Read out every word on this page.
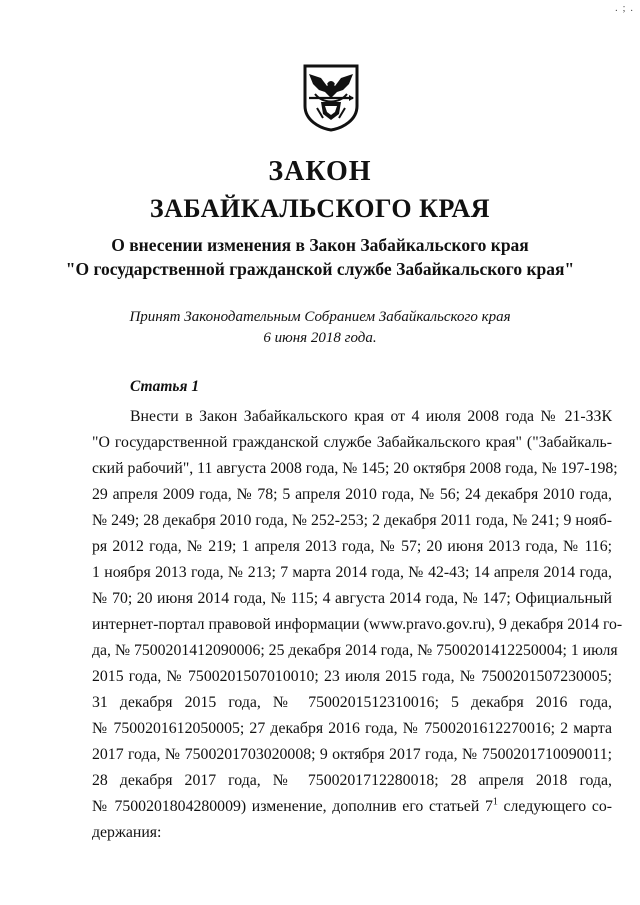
. ; .
ЗАКОН
ЗАБАЙКАЛЬСКОГО КРАЯ
О внесении изменения в Закон Забайкальского края
"О государственной гражданской службе Забайкальского края"
Принят Законодательным Собранием Забайкальского края
6 июня 2018 года.
Статья 1
Внести в Закон Забайкальского края от 4 июля 2008 года № 21-ЗЗК
"О государственной гражданской службе Забайкальского края" ("Забайкаль-
ский рабочий", 11 августа 2008 года, № 145; 20 октября 2008 года, № 197-198;
29 апреля 2009 года, № 78; 5 апреля 2010 года, № 56; 24 декабря 2010 года,
№ 249; 28 декабря 2010 года, № 252-253; 2 декабря 2011 года, № 241; 9 нояб-
ря 2012 года, № 219; 1 апреля 2013 года, № 57; 20 июня 2013 года, № 116;
1 ноября 2013 года, № 213; 7 марта 2014 года, № 42-43; 14 апреля 2014 года,
№ 70; 20 июня 2014 года, № 115; 4 августа 2014 года, № 147; Официальный
интернет-портал правовой информации (www.pravo.gov.ru), 9 декабря 2014 го-
да, № 7500201412090006; 25 декабря 2014 года, № 7500201412250004; 1 июля
2015 года, № 7500201507010010; 23 июля 2015 года, № 7500201507230005;
31 декабря 2015 года, № 7500201512310016; 5 декабря 2016 года,
№ 7500201612050005; 27 декабря 2016 года, № 7500201612270016; 2 марта
2017 года, № 7500201703020008; 9 октября 2017 года, № 7500201710090011;
28 декабря 2017 года, № 7500201712280018; 28 апреля 2018 года,
№ 7500201804280009) изменение, дополнив его статьей $7^1$ следующего со-
держания:
